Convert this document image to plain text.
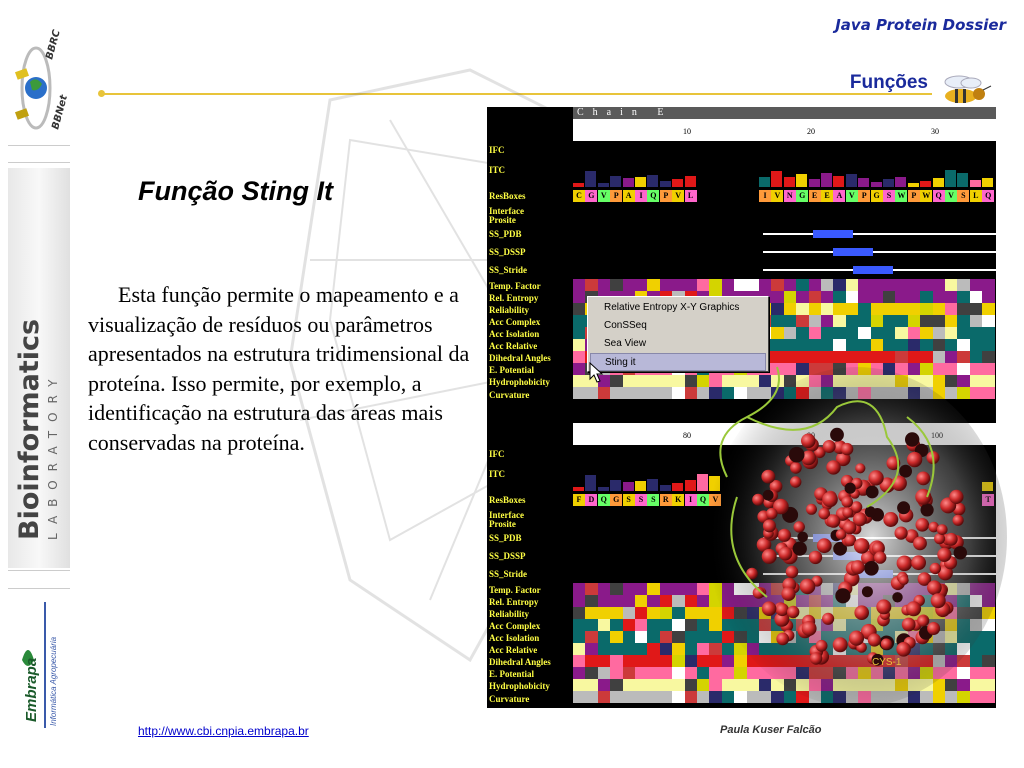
BBRC
BBNet
Bioinformatics LABORATORY
Embrapa Informática Agropecuária
Java Protein Dossier
Funções
Função Sting It

Esta função permite o mapeamento e a visualização de resíduos ou parâmetros apresentados na estrutura tridimensional da proteína. Isso permite, por exemplo, a identificação na estrutura das áreas mais conservadas na proteína.

Chain E
IFC
ITC
ResBoxes
Interface
Prosite
SS_PDB
SS_DSSP
SS_Stride
Temp. Factor
Rel. Entropy
Reliability
Acc Complex
Acc Isolation
Acc Relative
Dihedral Angles
E. Potential
Hydrophobicity
Curvature
10	20	30
C G V P A I Q P V L	I V N G E E A V P G S W P W Q V S L Q
IFC
ITC
ResBoxes
Interface
Prosite
SS_PDB
SS_DSSP
SS_Stride
Temp. Factor
Rel. Entropy
Reliability
Acc Complex
Acc Isolation
Acc Relative
Dihedral Angles
E. Potential
Hydrophobicity
Curvature
80
F D Q G S S S R K I Q
CYS-1
Relative Entropy X-Y Graphics
ConSSeq
Sea View
Sting it
http://www.cbi.cnpia.embrapa.br	Paula Kuser Falcão
